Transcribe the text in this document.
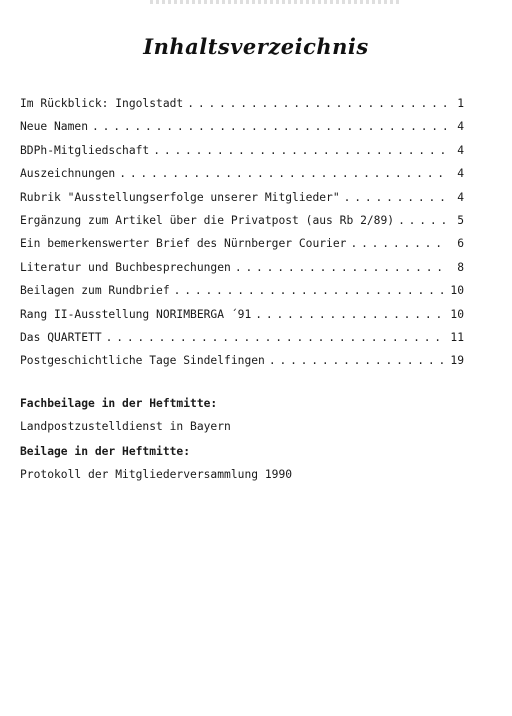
Inhaltsverzeichnis
Im Rückblick: Ingolstadt . . .	1
Neue Namen . . .	4
BDPh-Mitgliedschaft . . .	4
Auszeichnungen . . .	4
Rubrik "Ausstellungserfolge unserer Mitglieder" . . .	4
Ergänzung zum Artikel über die Privatpost (aus Rb 2/89) . . .	5
Ein bemerkenswerter Brief des Nürnberger Courier . . .	6
Literatur und Buchbesprechungen . . .	8
Beilagen zum Rundbrief . . .	10
Rang II-Ausstellung NORIMBERGA ´91 . . .	10
Das QUARTETT . . .	11
Postgeschichtliche Tage Sindelfingen . . .	19
Fachbeilage in der Heftmitte:
Landpostzustelldienst in Bayern
Beilage in der Heftmitte:
Protokoll der Mitgliederversammlung 1990
